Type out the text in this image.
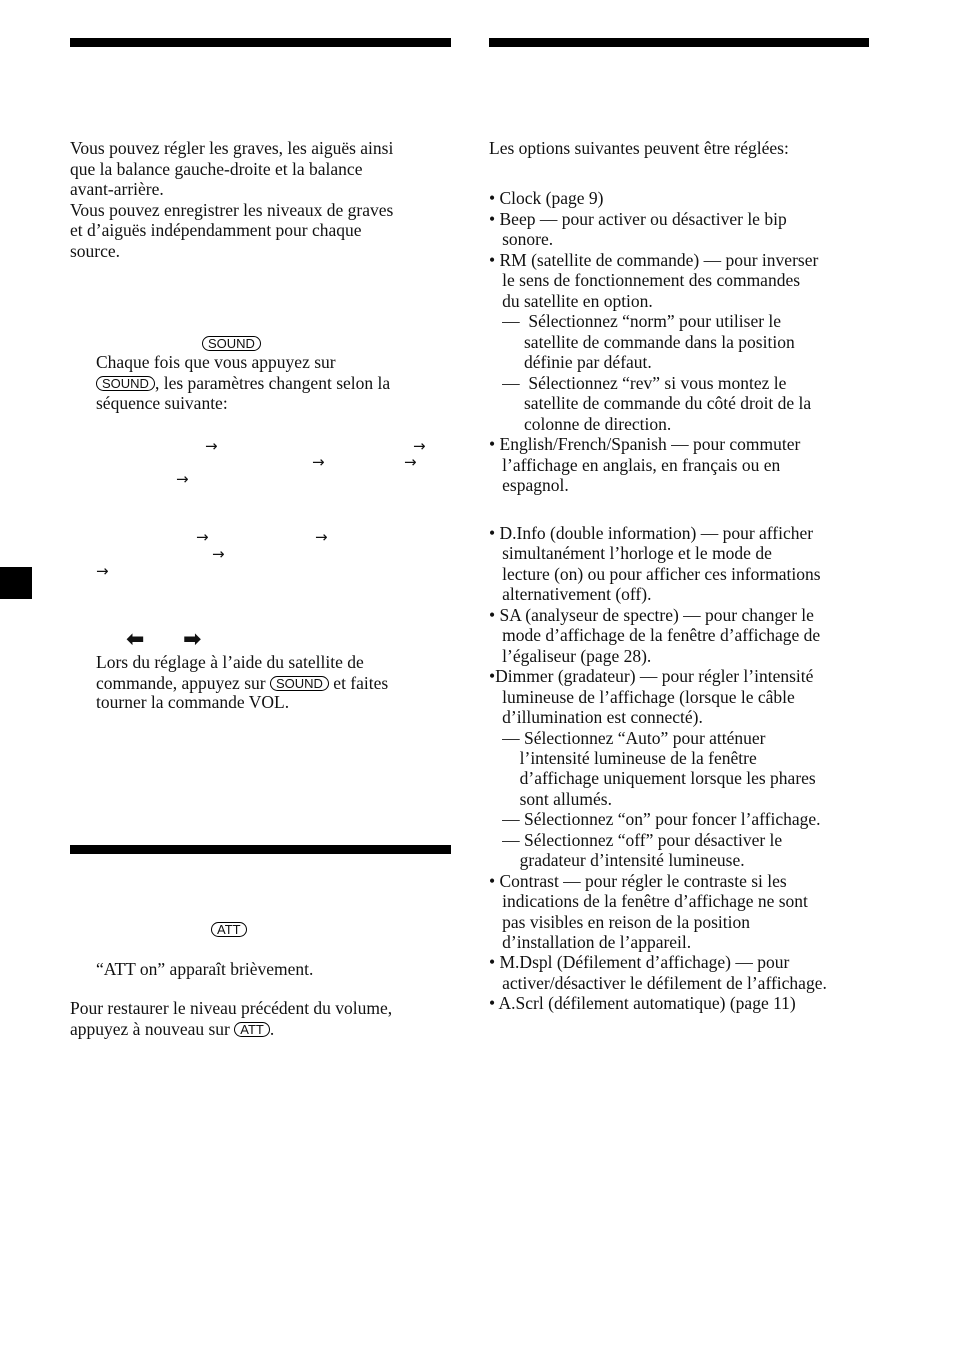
Vous pouvez régler les graves, les aiguës ainsi
que la balance gauche-droite et la balance
avant-arrière.
Vous pouvez enregistrer les niveaux de graves
et d’aiguës indépendamment pour chaque
source.
SOUND
Chaque fois que vous appuyez sur
SOUND , les paramètres changent selon la
séquence suivante:
→	→
→	→
→
→	→
→
→
⬅ ➡
Lors du réglage à l’aide du satellite de
commande, appuyez sur SOUND et faites
tourner la commande VOL.
ATT
“ATT on” apparaît brièvement.
Pour restaurer le niveau précédent du volume,
appuyez à nouveau sur ATT .
Les options suivantes peuvent être réglées:
• Clock (page 9)
• Beep — pour activer ou désactiver le bip
sonore.
• RM (satellite de commande) — pour inverser
le sens de fonctionnement des commandes
du satellite en option.
—  Sélectionnez “norm” pour utiliser le
satellite de commande dans la position
définie par défaut.
—  Sélectionnez “rev” si vous montez le
satellite de commande du côté droit de la
colonne de direction.
• English/French/Spanish — pour commuter
l’affichage en anglais, en français ou en
espagnol.
• D.Info (double information) — pour afficher
simultanément l’horloge et le mode de
lecture (on) ou pour afficher ces informations
alternativement (off).
• SA (analyseur de spectre) — pour changer le
mode d’affichage de la fenêtre d’affichage de
l’égaliseur (page 28).
•Dimmer (gradateur) — pour régler l’intensité
lumineuse de l’affichage (lorsque le câble
d’illumination est connecté).
— Sélectionnez “Auto” pour atténuer
l’intensité lumineuse de la fenêtre
d’affichage uniquement lorsque les phares
sont allumés.
— Sélectionnez “on” pour foncer l’affichage.
— Sélectionnez “off” pour désactiver le
gradateur d’intensité lumineuse.
• Contrast — pour régler le contraste si les
indications de la fenêtre d’affichage ne sont
pas visibles en reison de la position
d’installation de l’appareil.
• M.Dspl (Défilement d’affichage) — pour
activer/désactiver le défilement de l’affichage.
• A.Scrl (défilement automatique) (page 11)
